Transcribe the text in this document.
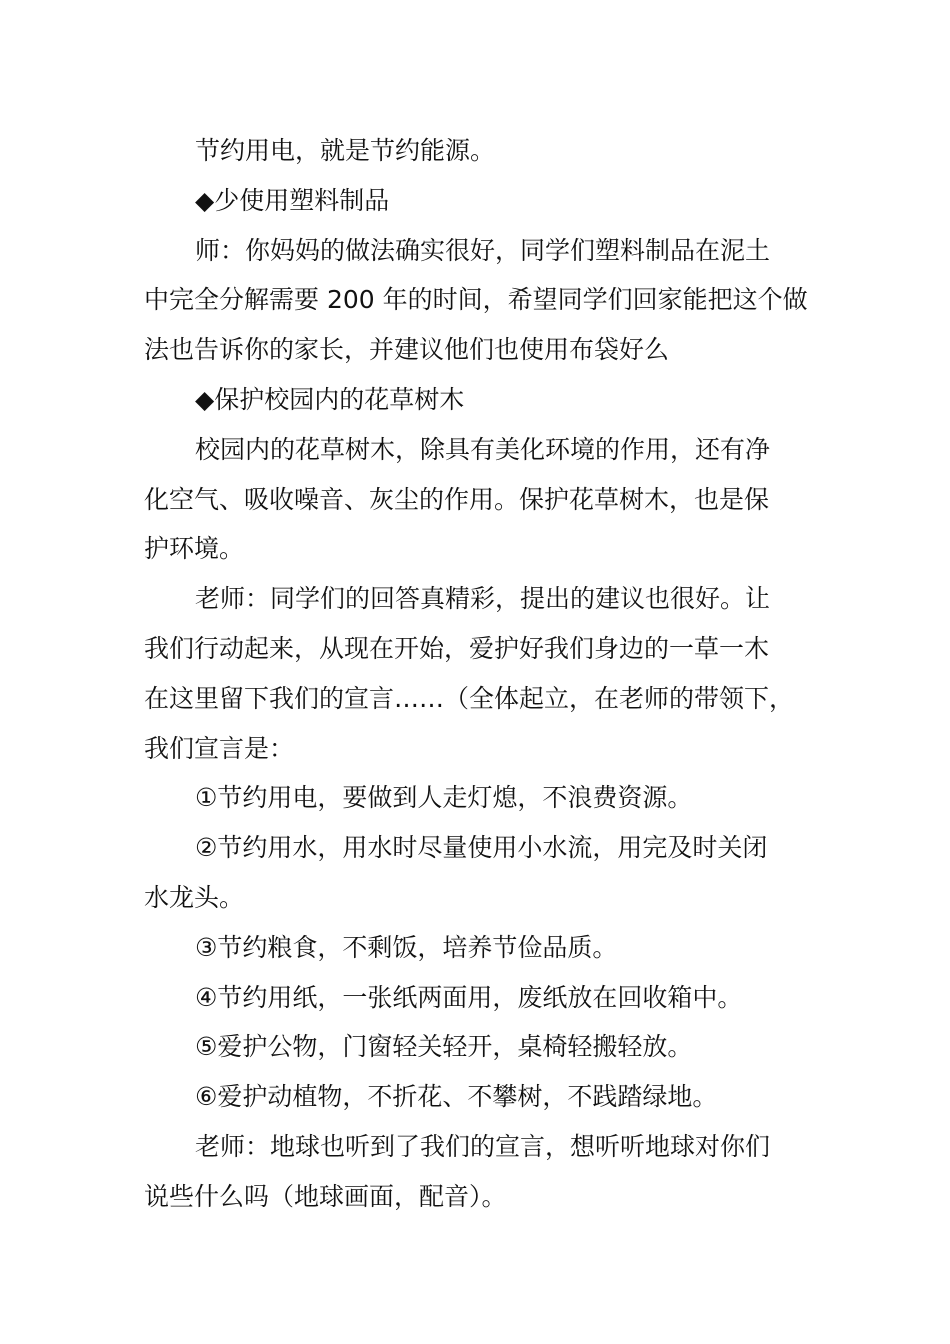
节约用电，就是节约能源。

◆少使用塑料制品

师：你妈妈的做法确实很好，同学们塑料制品在泥土
中完全分解需要 200 年的时间，希望同学们回家能把这个做
法也告诉你的家长，并建议他们也使用布袋好么

◆保护校园内的花草树木

校园内的花草树木，除具有美化环境的作用，还有净
化空气、吸收噪音、灰尘的作用。保护花草树木，也是保
护环境。

老师：同学们的回答真精彩，提出的建议也很好。让
我们行动起来，从现在开始，爱护好我们身边的一草一木
在这里留下我们的宣言……（全体起立，在老师的带领下，
我们宣言是：

①节约用电，要做到人走灯熄，不浪费资源。

②节约用水，用水时尽量使用小水流，用完及时关闭
水龙头。

③节约粮食，不剩饭，培养节俭品质。

④节约用纸，一张纸两面用，废纸放在回收箱中。

⑤爱护公物，门窗轻关轻开，桌椅轻搬轻放。

⑥爱护动植物，不折花、不攀树，不践踏绿地。

老师：地球也听到了我们的宣言，想听听地球对你们
说些什么吗（地球画面，配音）。
